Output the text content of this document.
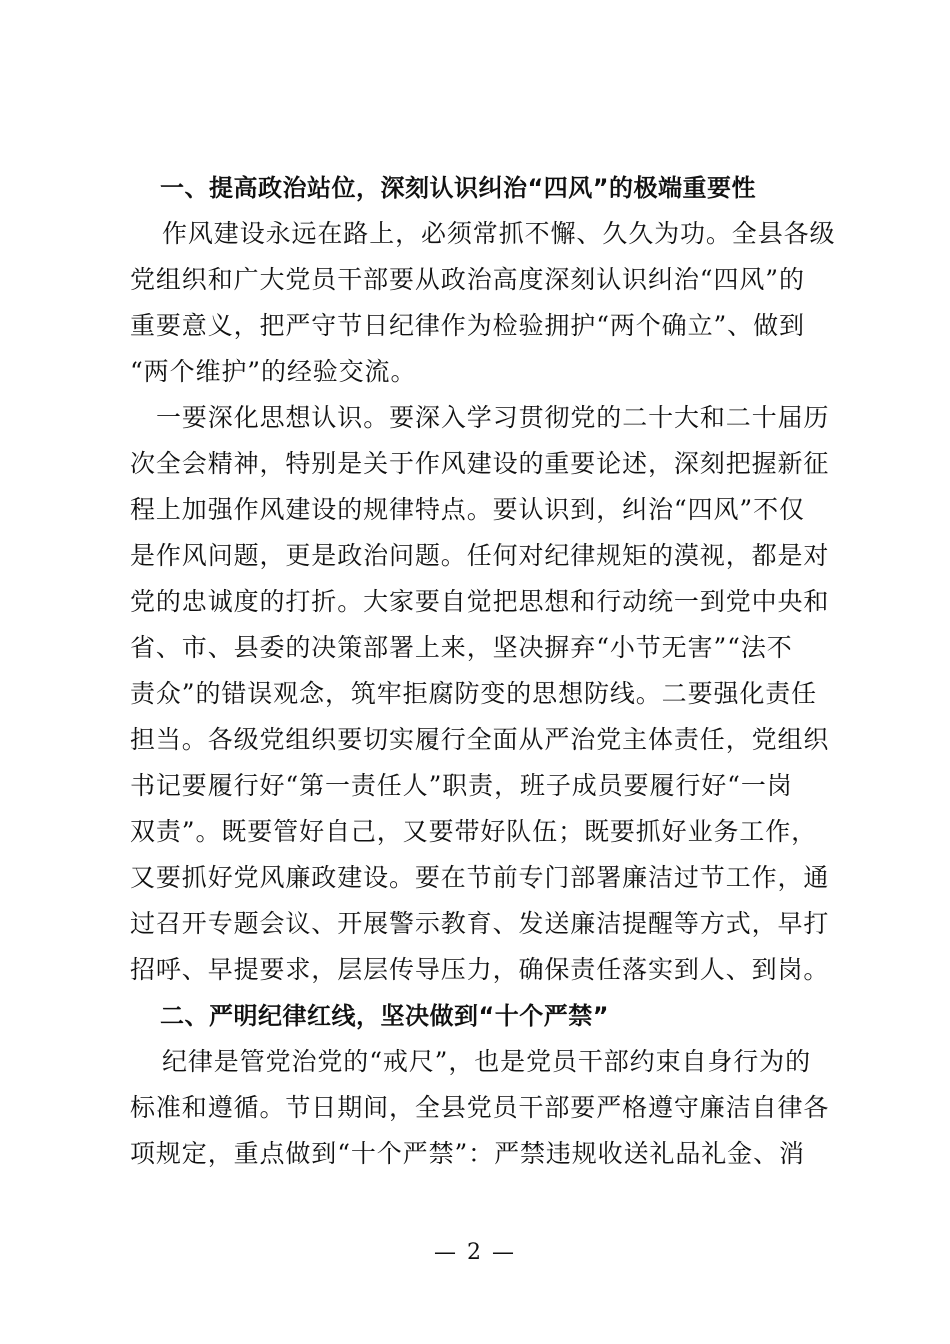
一、提高政治站位，深刻认识纠治“四风”的极端重要性
作风建设永远在路上，必须常抓不懈、久久为功。全县各级
党组织和广大党员干部要从政治高度深刻认识纠治“四风”的
重要意义，把严守节日纪律作为检验拥护“两个确立”、做到
“两个维护”的经验交流。
一要深化思想认识。要深入学习贯彻党的二十大和二十届历
次全会精神，特别是关于作风建设的重要论述，深刻把握新征
程上加强作风建设的规律特点。要认识到，纠治“四风”不仅
是作风问题，更是政治问题。任何对纪律规矩的漠视，都是对
党的忠诚度的打折。大家要自觉把思想和行动统一到党中央和
省、市、县委的决策部署上来，坚决摒弃“小节无害”“法不
责众”的错误观念，筑牢拒腐防变的思想防线。二要强化责任
担当。各级党组织要切实履行全面从严治党主体责任，党组织
书记要履行好“第一责任人”职责，班子成员要履行好“一岗
双责”。既要管好自己，又要带好队伍；既要抓好业务工作，
又要抓好党风廉政建设。要在节前专门部署廉洁过节工作，通
过召开专题会议、开展警示教育、发送廉洁提醒等方式，早打
招呼、早提要求，层层传导压力，确保责任落实到人、到岗。
二、严明纪律红线，坚决做到“十个严禁”
纪律是管党治党的“戒尺”，也是党员干部约束自身行为的
标准和遵循。节日期间，全县党员干部要严格遵守廉洁自律各
项规定，重点做到“十个严禁”：严禁违规收送礼品礼金、消
— 2 —
